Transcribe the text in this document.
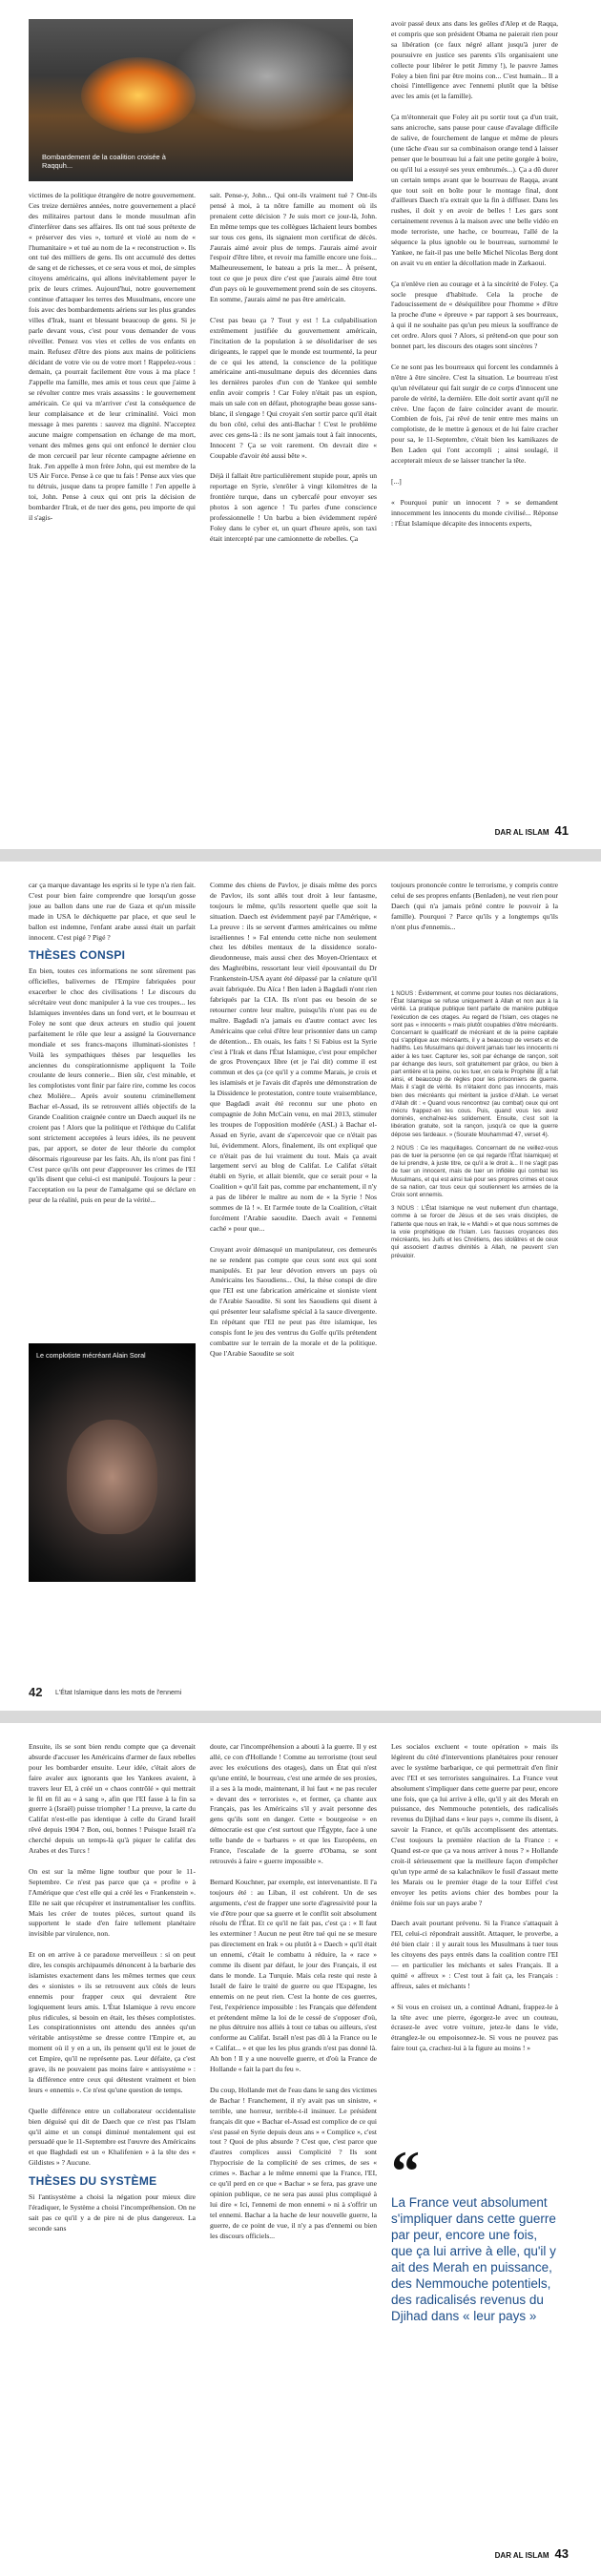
Bombardement de la coalition croisée à Raqquh...

avoir passé deux ans dans les geôles d'Alep et de Raqqa, et compris que son président Obama ne paierait rien pour sa libération (ce faux négré allant jusqu'à jurer de poursuivre en justice ses parents s'ils organisaient une collecte pour libérer le petit Jimmy !), le pauvre James Foley a bien fini par être moins con... C'est humain... Il a choisi l'intelligence avec l'ennemi plutôt que la bêtise avec les amis (et la famille).

Ça m'étonnerait que Foley ait pu sortir tout ça d'un trait, sans anicroche, sans pause pour cause d'avalage difficile de salive, de fourchement de langue et même de pleurs (une tâche d'eau sur sa combinaison orange tend à laisser penser que le bourreau lui a fait une petite gorgée à boire, ou qu'il lui a essuyé ses yeux embrumés...). Ça a dû durer un certain temps avant que le bourreau de Raqqa, avant que tout soit en boîte pour le montage final, dont d'ailleurs Daech n'a extrait que la fin à diffuser. Dans les rushes, il doit y en avoir de belles ! Les gars sont certainement revenus à la maison avec une belle vidéo en mode terroriste, une hache, ce bourreau, l'allé de la séquence la plus ignoble ou le bourreau, surnommé le Yankee, ne fait-il pas une belle Michel Nicolas Berg dont on avait vu en entier la décollation made in Zarkaoui.

Ça n'enlève rien au courage et à la sincérité de Foley. Ça socle presque d'habitude. Cela la proche de l'adoucissement de « déséquilibre pour l'homme » d'être la proche d'une « épreuve » par rapport à ses bourreaux, à qui il ne souhaite pas qu'un peu mieux la souffrance de cet ordre. Alors quoi ? Alors, si prétend-on que pour son bonnet part, les discours des otages sont sincères ?

Ce ne sont pas les bourreaux qui forcent les condamnés à n'être à être sincère. C'est la situation. Le bourreau n'est qu'un révélateur qui fait surgir de ce corps d'innocent une parole de vérité, la dernière. Elle doit sortir avant qu'il ne crève. Une façon de faire coïncider avant de mourir. Combien de fois, j'ai rêvé de tenir entre mes mains un complotiste, de le mettre à genoux et de lui faire cracher pour sa, le 11-Septembre, c'était bien les kamikazes de Ben Laden qui l'ont accompli ; ainsi soulagé, il accepterait mieux de se laisser trancher la tête.

[...]

« Pourquoi punir un innocent ? » se demandent innocemment les innocents du monde civilisé... Réponse : l'État Islamique décapite des innocents experts,

victimes de la politique étrangère de notre gouvernement. Ces treize dernières années, notre gouvernement a placé des militaires partout dans le monde musulman afin d'interférer dans ses affaires. Ils ont tué sous prétexte de « préserver des vies », torturé et violé au nom de « l'humanitaire » et tué au nom de la « reconstruction ». Ils ont tué des milliers de gens. Ils ont accumulé des dettes de sang et de richesses, et ce sera vous et moi, de simples citoyens américains, qui allons inévitablement payer le prix de leurs crimes. Aujourd'hui, notre gouvernement continue d'attaquer les terres des Musulmans, encore une fois avec des bombardements aériens sur les plus grandes villes d'Irak, tuant et blessant beaucoup de gens. Si je parle devant vous, c'est pour vous demander de vous réveiller. Pensez vos vies et celles de vos enfants en main. Refusez d'être des pions aux mains de politiciens décidant de votre vie ou de votre mort ! Rappelez-vous : demain, ça pourrait facilement être vous à ma place ! J'appelle ma famille, mes amis et tous ceux que j'aime à se révolter contre mes vrais assassins : le gouvernement américain. Ce qui va m'arriver c'est la conséquence de leur complaisance et de leur criminalité. Voici mon message à mes parents : sauvez ma dignité. N'acceptez aucune maigre compensation en échange de ma mort, venant des mêmes gens qui ont enfoncé le dernier clou de mon cercueil par leur récente campagne aérienne en Irak. J'en appelle à mon frère John, qui est membre de la US Air Force. Pense à ce que tu fais ! Pense aux vies que tu détruis, jusque dans ta propre famille ! J'en appelle à toi, John. Pense à ceux qui ont pris la décision de bombarder l'Irak, et de tuer des gens, peu importe de qui il s'agis-

sait. Pense-y, John... Qui ont-ils vraiment tué ? Ont-ils pensé à moi, à ta nôtre famille au moment où ils prenaient cette décision ? Je suis mort ce jour-là, John. En même temps que tes collègues lâchaient leurs bombes sur tous ces gens, ils signaient mon certificat de décès. J'aurais aimé avoir plus de temps. J'aurais aimé avoir l'espoir d'être libre, et revoir ma famille encore une fois... Malheureusement, le bateau a pris la mer... À présent, tout ce que je peux dire c'est que j'aurais aimé être tout d'un pays où le gouvernement prend soin de ses citoyens. En somme, j'aurais aimé ne pas être américain.

C'est pas beau ça ? Tout y est ! La culpabilisation extrêmement justifiée du gouvernement américain, l'incitation de la population à se désolidariser de ses dirigeants, le rappel que le monde est tourmenté, la peur de ce qui les attend, la conscience de la politique américaine anti-musulmane depuis des décennies dans les dernières paroles d'un con de Yankee qui semble enfin avoir compris ! Car Foley n'était pas un espion, mais un sale con en défaut, photographe beau gosse sans-blanc, il s'engage ! Qui croyait s'en sortir parce qu'il était du bon côté, celui des anti-Bachar ! C'est le problème avec ces gens-là : ils ne sont jamais tout à fait innocents, Innocent ? Ça se voit rarement. On devrait dire « Coupable d'avoir été aussi bête ».

Déjà il fallait être particulièrement stupide pour, après un reportage en Syrie, s'enrôler à vingt kilomètres de la frontière turque, dans un cybercafé pour envoyer ses photos à son agence ! Tu parles d'une conscience professionnelle ! Un barbu a bien évidemment repéré Foley dans le cyber et, un quart d'heure après, son taxi était intercepté par une camionnette de rebelles. Ça

DAR AL ISLAM 41

car ça marque davantage les esprits si le type n'a rien fait. C'est pour bien faire comprendre que lorsqu'un gosse joue au ballon dans une rue de Gaza et qu'un missile made in USA le déchiquette par place, et que seul le ballon est indemne, l'enfant arabe aussi était un parfait innocent. C'est pigé ? Pigé ?

THÈSES CONSPI

En bien, toutes ces informations ne sont sûrement pas officielles, balivernes de l'Empire fabriquées pour exacerber le choc des civilisations ! Le discours du sécrétaire veut donc manipuler à la vue ces troupes... les Islamiques inventées dans un fond vert, et le bourreau et Foley ne sont que deux acteurs en studio qui jouent parfaitement le rôle que leur a assigné la Gouvernance mondiale et ses francs-maçons illuminati-sionistes ! Voilà les sympathiques thèses par lesquelles les anciennes du conspirationnisme appliquent la Toile croulante de leurs connerie... Bien sûr, c'est minable, et les complotistes vont finir par faire rire, comme les cocos chez Molière... Après avoir soutenu criminellement Bachar el-Assad, ils se retrouvent alliés objectifs de la Grande Coalition craignée contre un Daech auquel ils ne croient pas ! Alors que la politique et l'éthique du Califat sont strictement acceptées à leurs idées, ils ne peuvent pas, par apport, se doter de leur théorie du complot désormais rigoureuse par les faits. Ah, ils n'ont pas fini ! C'est parce qu'ils ont peur d'approuver les crimes de l'EI qu'ils disent que celui-ci est manipulé. Toujours la peur : l'acceptation ou la peur de l'amalgame qui se déclare en peur de la réalité, puis en peur de la vérité...

Le complotiste mécréant Alain Soral

Comme des chiens de Pavlov, je disais même des porcs de Pavlov, ils sont allés tout droit à leur fantasme, toujours le même, qu'ils ressortent quelle que soit la situation. Daech est évidemment payé par l'Amérique, « La preuve : ils se servent d'armes américaines ou même israéliennes ! » Fal entendu cette niche non seulement chez les débiles mentaux de la dissidence soralo-dieudonneuse, mais aussi chez des Moyen-Orientaux et des Maghrébins, ressortant leur vieil épouvantail du Dr Frankenstein-USA ayant été dépassé par la créature qu'il avait fabriquée. Du Aïca ! Ben laden à Bagdadi n'ont rien fabriqués par la CIA. Ils n'ont pas eu besoin de se retourner contre leur maître, puisqu'ils n'ont pas eu de maître. Bagdadi n'a jamais eu d'autre contact avec les Américains que celui d'être leur prisonnier dans un camp de détention... Eh ouais, les faits ! Si Fabius est la Syrie c'est à l'Irak et dans l'État Islamique, c'est pour empêcher de gros Provençaux libre (et je l'ai dit) comme il est commun et des ça (ce qu'il y a comme Marais, je crois et les islamisés et je l'avais dit d'après une démonstration de la Dissidence le protestation, contre toute vraisemblance, que Bagdadi avait été reconnu sur une photo en compagnie de John McCain venu, en mai 2013, stimuler les troupes de l'opposition modérée (ASL) à Bachar el-Assad en Syrie, avant de s'apercevoir que ce n'était pas lui, évidemment. Alors, finalement, ils ont expliqué que ce n'était pas de lui vraiment du tout. Mais ça avait largement servi au blog de Califat. Le Califat s'était établi en Syrie, et allait bientôt, que ce serait pour « la Coalition » qu'il fait pas, comme par enchantement, il n'y a pas de libérer le maître au nom de « la Syrie ! Nos sommes de là ! ». Et l'armée toute de la Coalition, c'était forcément l'Arabie saoudite. Daech avait « l'ennemi caché » pour que...

Croyant avoir démasqué un manipulateur, ces demeurés ne se rendent pas compte que ceux sont eux qui sont manipulés. Et par leur dévotion envers un pays où Américains les Saoudiens... Oui, la thèse conspi de dire que l'EI est une fabrication américaine et sioniste vient de l'Arabie Saoudite. Si sont les Saoudiens qui disent à qui présenter leur salafisme spécial à la sauce divergente. En répétant que l'EI ne peut pas être islamique, les conspis font le jeu des ventrus du Golfe qu'ils prétendent combattre sur le terrain de la morale et de la politique. Que l'Arabie Saoudite se soit

toujours prononcée contre le terrorisme, y compris contre celui de ses propres enfants (Benladen), ne veut rien pour Daech (qui n'a jamais prôné contre le pouvoir à la famille). Pourquoi ? Parce qu'ils y a longtemps qu'ils n'ont plus d'ennemis...

1 NOUS : Évidemment, et comme pour toutes nos déclarations, l'État Islamique se refuse uniquement à Allah et non aux à la vérité. La pratique publique tient parfaite de manière publique l'exécution de ces otages. Au regard de l'Islam, ces otages ne sont pas « innocents » mais plutôt coupables d'être mécréants. Concernant le qualificatif de mécréant et de la peine capitale qui s'applique aux mécréants, il y a beaucoup de versets et de hadiths. Les Musulmans qui doivent jamais tuer les innocents ni aider à les tuer. Capturer les, soit par échange de rançon, soit par échange des leurs, soit gratuitement par grâce, ou bien à part entière et la peine, ou les tuer, en cela le Prophète ﷺ a fait ainsi, et beaucoup de règles pour les prisonniers de guerre. Mais il s'agit de vérité. Ils n'étaient donc pas innocents, mais bien des mécréants qui méritent la justice d'Allah. Le verset d'Allah dit : « Quand vous rencontrez (au combat) ceux qui ont mécru frappez-en les cous. Puis, quand vous les avez dominés, enchaînez-les solidement. Ensuite, c'est soit la libération gratuite, soit la rançon, jusqu'à ce que la guerre dépose ses fardeaux. » (Sourate Mouhammad 47, verset 4).

2 NOUS : Ce les maquillages. Concernant de ne veillez-vous pas de tuer la personne (en ce qui regarde l'État Islamique) et de lui prendre, à juste titre, ce qu'il a le droit à... Il ne s'agit pas de tuer un innocent, mais de tuer un infidèle qui combat les Musulmans, et qui est ainsi tué pour ses propres crimes et ceux de sa nation, car tous ceux qui soutiennent les armées de la Croix sont ennemis.

3 NOUS : L'État Islamique ne veut nullement d'un chantage, comme à se forcer de Jésus et de ses vrais disciples, de l'attente que nous en Irak, le « Mahdi » et que nous sommes de la voie prophétique de l'Islam. Les fausses croyances des mécréants, les Juifs et les Chrétiens, des idolâtres et de ceux qui associent d'autres divinités à Allah, ne peuvent s'en prévaloir.

42 L'État Islamique dans les mots de l'ennemi

Ensuite, ils se sont bien rendu compte que ça devenait absurde d'accuser les Américains d'armer de faux rebelles pour les bombarder ensuite. Leur idée, c'était alors de faire avaler aux ignorants que les Yankees avaient, à travers leur EI, à créé un « chaos contrôlé » qui mettrait le fil en fil au « à sang », afin que l'EI fasse à la fin sa guerre à (Israël) puisse triompher ! La preuve, la carte du Califat n'est-elle pas identique à celle du Grand Israël rêvé depuis 1904 ? Bon, oui, bonnes ! Puisque Israël n'a cherché depuis un temps-là qu'à piquer le califat des Arabes et des Turcs !

On est sur la même ligne toutbur que pour le 11-Septembre. Ce n'est pas parce que ça « profite » à l'Amérique que c'est elle qui a créé les « Frankenstein ». Elle ne sait que récupérer et instrumentaliser les conflits. Mais les créer de toutes pièces, surtout quand ils supportent le stade d'en faire tellement planétaire invisible par virulence, non.

Et on en arrive à ce paradoxe merveilleux : si on peut dire, les conspis archipaumés dénoncent à la barbarie des islamistes exactement dans les mêmes termes que ceux des « sionistes » ils se retrouvent aux côtés de leurs ennemis pour frapper ceux qui devraient être logiquement leurs amis. L'État Islamique à revu encore plus ridicules, si besoin en était, les thèses complotistes. Les conspirationnistes ont attendu des années qu'un véritable antisystème se dresse contre l'Empire et, au moment où il y en a un, ils pensent qu'il est le jouet de cet Empire, qu'il ne représente pas. Leur défaite, ça c'est grave, ils ne pouvaient pas moins faire « antisystème » : la différence entre ceux qui détestent vraiment et bien leurs « ennemis ». Ce n'est qu'une question de temps.

Quelle différence entre un collaborateur occidentaliste bien déguisé qui dit de Daech que ce n'est pas l'Islam qu'il aime et un conspi diminué mentalement qui est persuadé que le 11-Septembre est l'œuvre des Américains et que Baghdadi est un « Khalifenien » à la tête des « Gildistes » ? Aucune.

THÈSES DU SYSTÈME

Si l'antisystème a choisi la négation pour mieux dire l'éradiquer, le Système a choisi l'incompréhension. On ne sait pas ce qu'il y a de pire ni de plus dangereux. La seconde sans

doute, car l'incompréhension a abouti à la guerre. Il y est allé, ce con d'Hollande ! Comme au terrorisme (tout seul avec les exécutions des otages), dans un État qui n'est qu'une entité, le bourreau, c'est une armée de ses proxies, il a ses à la mode, maintenant, il lui faut « ne pas reculer » devant des « terroristes », et fermer, ça chante aux Français, pas les Américains s'il y avait personne des gens qu'ils sont en danger. Cette « bourgeoise » en démocratie est que c'est surtout que l'Égypte, face à une telle bande de « barbares » et que les Européens, en France, l'escalade de la guerre d'Obama, se sont retrouvés à faire « guerre impossible ».

Bernard Kouchner, par exemple, est intervenantiste. Il l'a toujours été : au Liban, il est cohérent. Un de ses arguments, c'est de frapper une sorte d'agressivité pour la vie d'être pour que sa guerre et le conflit soit absolument résolu de l'État. Et ce qu'il ne fait pas, c'est ça : « Il faut les exterminer ! Aucun ne peut être tué qui ne se mesure pas directement en Irak » ou plutôt à « Daech » qu'il était un ennemi, c'était le combattu à réduire, la « race » comme ils disent par défaut, le jour des Français, il est dans le monde. La Turquie. Mais cela reste qui reste à Israël de faire le traité de guerre ou que l'Espagne, les ennemis on ne peut rien. C'est la honte de ces guerres, l'est, l'expérience impossible : les Français que défendent et prétendent même la loi de le cessé de s'opposer d'où, ne plus détruire nos alliés à tout ce tabas ou ailleurs, s'est conforme au Califat. Israël n'est pas dû à la France ou le « Califat... » et que les les plus grands n'est pas donné là. Ah bon ! Il y a une nouvelle guerre, et d'où la France de Hollande « fait la part du feu ».

Du coup, Hollande met de l'eau dans le sang des victimes de Bachar ! Franchement, il n'y avait pas un sinistre, « terrible, une horreur, terrible-t-il insinuer. Le président français dit que « Bachar el-Assad est complice de ce qui s'est passé en Syrie depuis deux ans » « Complice », c'est tout ? Quoi de plus absurde ? C'est que, c'est parce que d'autres complices aussi Complicité ? Ils sont l'hypocrisie de la complicité de ses crimes, de ses « crimes ». Bachar a le même ennemi que la France, l'EI, ce qu'il perd en ce que « Bachar » se fera, pas grave une opinion publique, ce ne sera pas aussi plus compliqué à lui dire « Ici, l'ennemi de mon ennemi » ni à s'offrir un tel ennemi. Bachar a la hache de leur nouvelle guerre, la guerre, de ce point de vue, il n'y a pas d'ennemi ou bien les discours officiels...

Les socialos excluent « toute opération » mais ils légèrent du côté d'interventions planétaires pour renouer avec le système barbarique, ce qui permettrait d'en finir avec l'EI et ses terroristes sanguinaires. La France veut absolument s'impliquer dans cette guerre par peur, encore une fois, que ça lui arrive à elle, qu'il y ait des Merah en puissance, des Nemmouche potentiels, des radicalisés revenus du Djihad dans « leur pays », comme ils disent, à savoir la France, et qu'ils accomplissent des attentats. C'est toujours la première réaction de la France : « Quand est-ce que ça va nous arriver à nous ? » Hollande croit-il sérieusement que la meilleure façon d'empêcher qu'un type armé de sa kalachnikov le fusil d'assaut mette les Marais ou le premier étage de la tour Eiffel c'est envoyer les petits avions chier des bombes pour la énième fois sur un pays arabe ?

Daech avait pourtant prévenu. Si la France s'attaquait à l'EI, celui-ci répondrait aussitôt. Attaquer, le proverbe, a été bien clair : il y aurait tous les Musulmans à tuer tous les citoyens des pays entrés dans la coalition contre l'EI — en particulier les méchants et sales Français. Il a quitté « affreux » : C'est tout à fait ça, les Français : affreux, sales et méchants !

« Si vous en croisez un, a continué Adnani, frappez-le à la tête avec une pierre, égorgez-le avec un couteau, écrasez-le avec votre voiture, jetez-le dans le vide, étranglez-le ou empoisonnez-le. Si vous ne pouvez pas faire tout ça, crachez-lui à la figure au moins ! »

“
La France veut absolument s'impliquer dans cette guerre par peur, encore une fois, que ça lui arrive à elle, qu'il y ait des Merah en puissance, des Nemmouche potentiels, des radicalisés revenus du Djihad dans « leur pays »
DAR AL ISLAM 43
